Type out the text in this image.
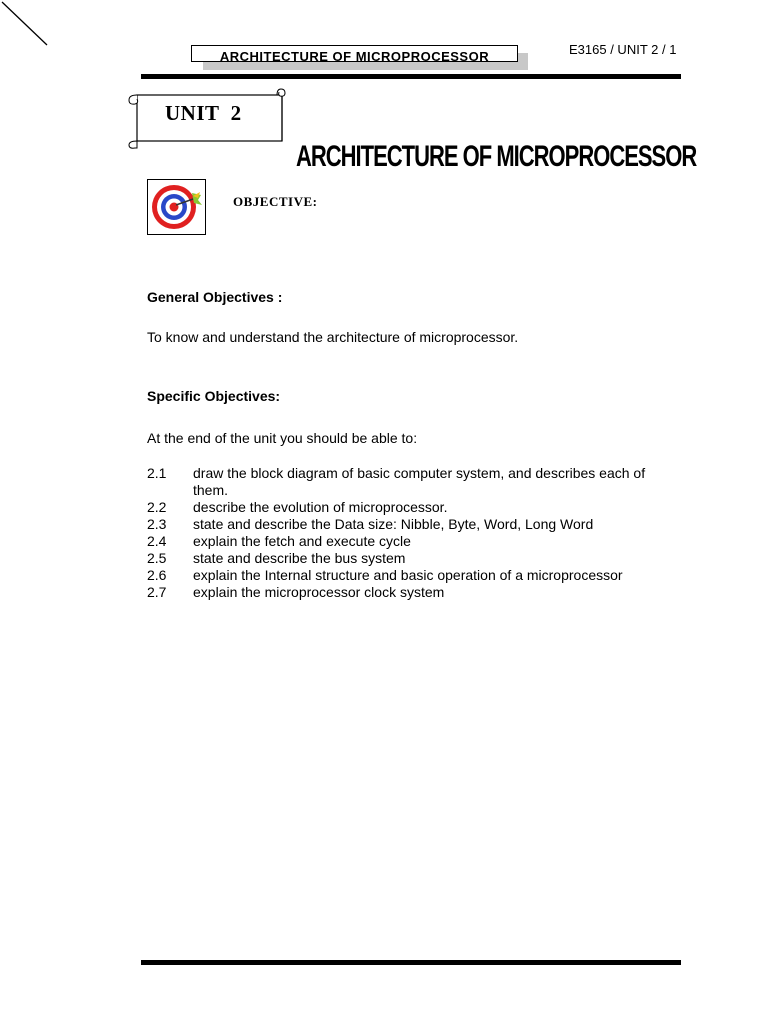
ARCHITECTURE OF MICROPROCESSOR	E3165 / UNIT 2 / 1
UNIT  2
ARCHITECTURE OF MICROPROCESSOR
OBJECTIVE:
General Objectives :
To know and understand the architecture of microprocessor.
Specific Objectives:
At the end of the unit you should be able to:
2.1	draw the block diagram of basic computer system, and describes each of them.
2.2	describe the evolution of microprocessor.
2.3	state and describe the Data size: Nibble, Byte, Word, Long Word
2.4	explain the fetch and execute cycle
2.5	state and describe the bus system
2.6	explain the Internal structure and basic operation of a microprocessor
2.7	explain the microprocessor clock system
